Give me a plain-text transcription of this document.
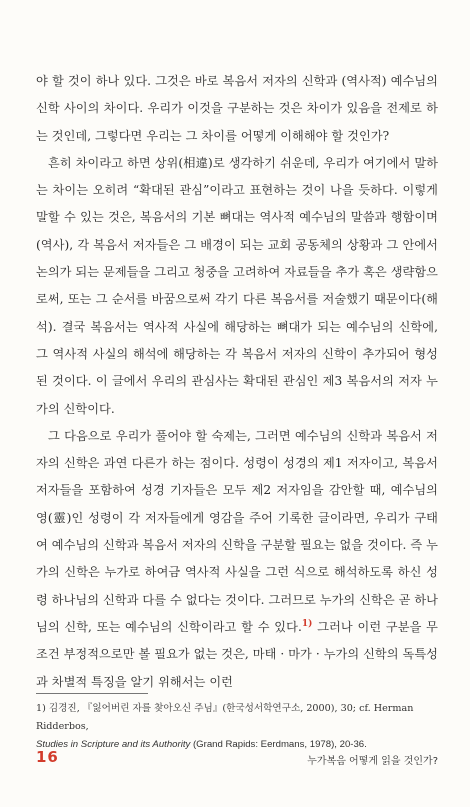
야 할 것이 하나 있다. 그것은 바로 복음서 저자의 신학과 (역사적) 예수님의 신학 사이의 차이다. 우리가 이것을 구분하는 것은 차이가 있음을 전제로 하는 것인데, 그렇다면 우리는 그 차이를 어떻게 이해해야 할 것인가?

흔히 차이라고 하면 상위(相違)로 생각하기 쉬운데, 우리가 여기에서 말하는 차이는 오히려 “확대된 관심”이라고 표현하는 것이 나을 듯하다. 이렇게 말할 수 있는 것은, 복음서의 기본 뼈대는 역사적 예수님의 말씀과 행함이며(역사), 각 복음서 저자들은 그 배경이 되는 교회 공동체의 상황과 그 안에서 논의가 되는 문제들을 그리고 청중을 고려하여 자료들을 추가 혹은 생략함으로써, 또는 그 순서를 바꿈으로써 각기 다른 복음서를 저술했기 때문이다(해석). 결국 복음서는 역사적 사실에 해당하는 뼈대가 되는 예수님의 신학에, 그 역사적 사실의 해석에 해당하는 각 복음서 저자의 신학이 추가되어 형성된 것이다. 이 글에서 우리의 관심사는 확대된 관심인 제3 복음서의 저자 누가의 신학이다.

그 다음으로 우리가 풀어야 할 숙제는, 그러면 예수님의 신학과 복음서 저자의 신학은 과연 다른가 하는 점이다. 성령이 성경의 제1 저자이고, 복음서 저자들을 포함하여 성경 기자들은 모두 제2 저자임을 감안할 때, 예수님의 영(靈)인 성령이 각 저자들에게 영감을 주어 기록한 글이라면, 우리가 구태여 예수님의 신학과 복음서 저자의 신학을 구분할 필요는 없을 것이다. 즉 누가의 신학은 누가로 하여금 역사적 사실을 그런 식으로 해석하도록 하신 성령 하나님의 신학과 다를 수 없다는 것이다. 그러므로 누가의 신학은 곧 하나님의 신학, 또는 예수님의 신학이라고 할 수 있다.$^{1)}$ 그러나 이런 구분을 무조건 부정적으로만 볼 필요가 없는 것은, 마태 · 마가 · 누가의 신학의 독특성과 차별적 특징을 알기 위해서는 이런

1) 김경진, 『잃어버린 자를 찾아오신 주님』(한국성서학연구소, 2000), 30; cf. Herman Ridderbos,
Studies in Scripture and its Authority (Grand Rapids: Eerdmans, 1978), 20-36.
16	누가복음 어떻게 읽을 것인가?
